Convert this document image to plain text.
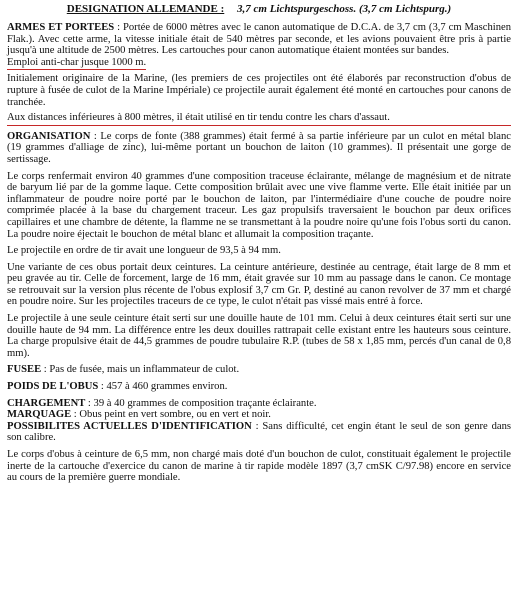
DESIGNATION ALLEMANDE : 3,7 cm Lichtspurgeschoss. (3,7 cm Lichtspurg.)

ARMES ET PORTEES : Portée de 6000 mètres avec le canon automatique de D.C.A. de 3,7 cm (3,7 cm Maschinen Flak.). Avec cette arme, la vitesse initiale était de 540 mètres par seconde, et les avions pouvaient être pris à partie jusqu'à une altitude de 2500 mètres. Les cartouches pour canon automatique étaient montées sur bandes.

Emploi anti-char jusque 1000 m.

Initialement originaire de la Marine, (les premiers de ces projectiles ont été élaborés par reconstruction d'obus de rupture à fusée de culot de la Marine Impériale) ce projectile aurait également été monté en cartouches pour canons de tranchée.

Aux distances inférieures à 800 mètres, il était utilisé en tir tendu contre les chars d'assaut.

ORGANISATION : Le corps de fonte (388 grammes) était fermé à sa partie inférieure par un culot en métal blanc (19 grammes d'alliage de zinc), lui-même portant un bouchon de laiton (10 grammes). Il présentait une gorge de sertissage.

Le corps renfermait environ 40 grammes d'une composition traceuse éclairante, mélange de magnésium et de nitrate de baryum lié par de la gomme laque. Cette composition brûlait avec une vive flamme verte. Elle était initiée par un inflammateur de poudre noire porté par le bouchon de laiton, par l'intermédiaire d'une couche de poudre noire comprimée placée à la base du chargement traceur. Les gaz propulsifs traversaient le bouchon par deux orifices capillaires et une chambre de détente, la flamme ne se transmettant à la poudre noire qu'une fois l'obus sorti du canon. La poudre noire éjectait le bouchon de métal blanc et allumait la composition traçante.

Le projectile en ordre de tir avait une longueur de 93,5 à 94 mm.

Une variante de ces obus portait deux ceintures. La ceinture antérieure, destinée au centrage, était large de 8 mm et peu gravée au tir. Celle de forcement, large de 16 mm, était gravée sur 10 mm au passage dans le canon. Ce montage se retrouvait sur la version plus récente de l'obus explosif 3,7 cm Gr. P, destiné au canon revolver de 37 mm et chargé en poudre noire. Sur les projectiles traceurs de ce type, le culot n'était pas vissé mais entré à force.

Le projectile à une seule ceinture était serti sur une douille haute de 101 mm. Celui à deux ceintures était serti sur une douille haute de 94 mm. La différence entre les deux douilles rattrapait celle existant entre les hauteurs sous ceinture. La charge propulsive était de 44,5 grammes de poudre tubulaire R.P. (tubes de 58 x 1,85 mm, percés d'un canal de 0,8 mm).

FUSEE : Pas de fusée, mais un inflammateur de culot.

POIDS DE L'OBUS : 457 à 460 grammes environ.

CHARGEMENT : 39 à 40 grammes de composition traçante éclairante.

MARQUAGE : Obus peint en vert sombre, ou en vert et noir.

POSSIBILITES ACTUELLES D'IDENTIFICATION : Sans difficulté, cet engin étant le seul de son genre dans son calibre.

Le corps d'obus à ceinture de 6,5 mm, non chargé mais doté d'un bouchon de culot, constituait également le projectile inerte de la cartouche d'exercice du canon de marine à tir rapide modèle 1897 (3,7 cmSK C/97.98) encore en service au cours de la première guerre mondiale.
